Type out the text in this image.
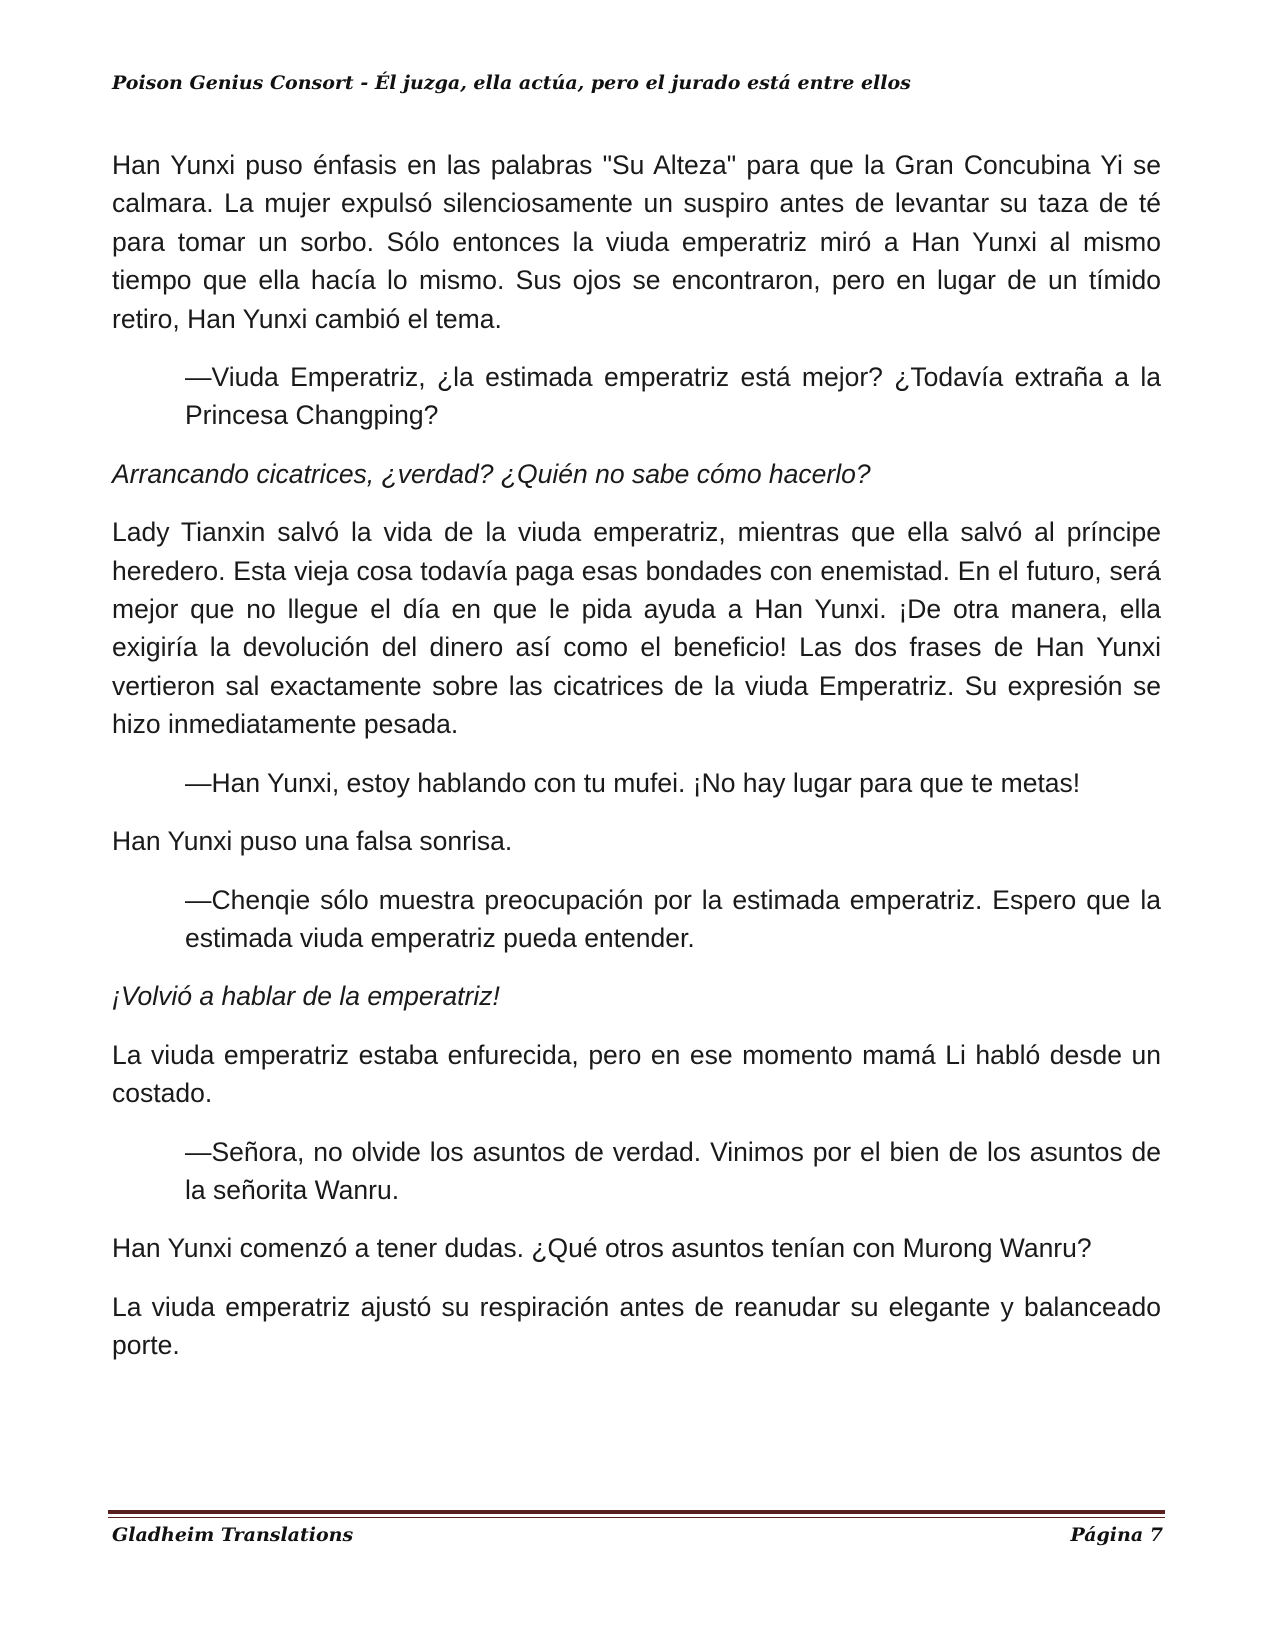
Poison Genius Consort - Él juzga, ella actúa, pero el jurado está entre ellos

Han Yunxi puso énfasis en las palabras "Su Alteza" para que la Gran Concubina Yi se calmara. La mujer expulsó silenciosamente un suspiro antes de levantar su taza de té para tomar un sorbo. Sólo entonces la viuda emperatriz miró a Han Yunxi al mismo tiempo que ella hacía lo mismo. Sus ojos se encontraron, pero en lugar de un tímido retiro, Han Yunxi cambió el tema.

—Viuda Emperatriz, ¿la estimada emperatriz está mejor? ¿Todavía extraña a la Princesa Changping?

Arrancando cicatrices, ¿verdad? ¿Quién no sabe cómo hacerlo?

Lady Tianxin salvó la vida de la viuda emperatriz, mientras que ella salvó al príncipe heredero. Esta vieja cosa todavía paga esas bondades con enemistad. En el futuro, será mejor que no llegue el día en que le pida ayuda a Han Yunxi. ¡De otra manera, ella exigiría la devolución del dinero así como el beneficio! Las dos frases de Han Yunxi vertieron sal exactamente sobre las cicatrices de la viuda Emperatriz. Su expresión se hizo inmediatamente pesada.

—Han Yunxi, estoy hablando con tu mufei. ¡No hay lugar para que te metas!

Han Yunxi puso una falsa sonrisa.

—Chenqie sólo muestra preocupación por la estimada emperatriz. Espero que la estimada viuda emperatriz pueda entender.

¡Volvió a hablar de la emperatriz!

La viuda emperatriz estaba enfurecida, pero en ese momento mamá Li habló desde un costado.

—Señora, no olvide los asuntos de verdad. Vinimos por el bien de los asuntos de la señorita Wanru.

Han Yunxi comenzó a tener dudas. ¿Qué otros asuntos tenían con Murong Wanru?

La viuda emperatriz ajustó su respiración antes de reanudar su elegante y balanceado porte.

Gladheim Translations	Página 7
